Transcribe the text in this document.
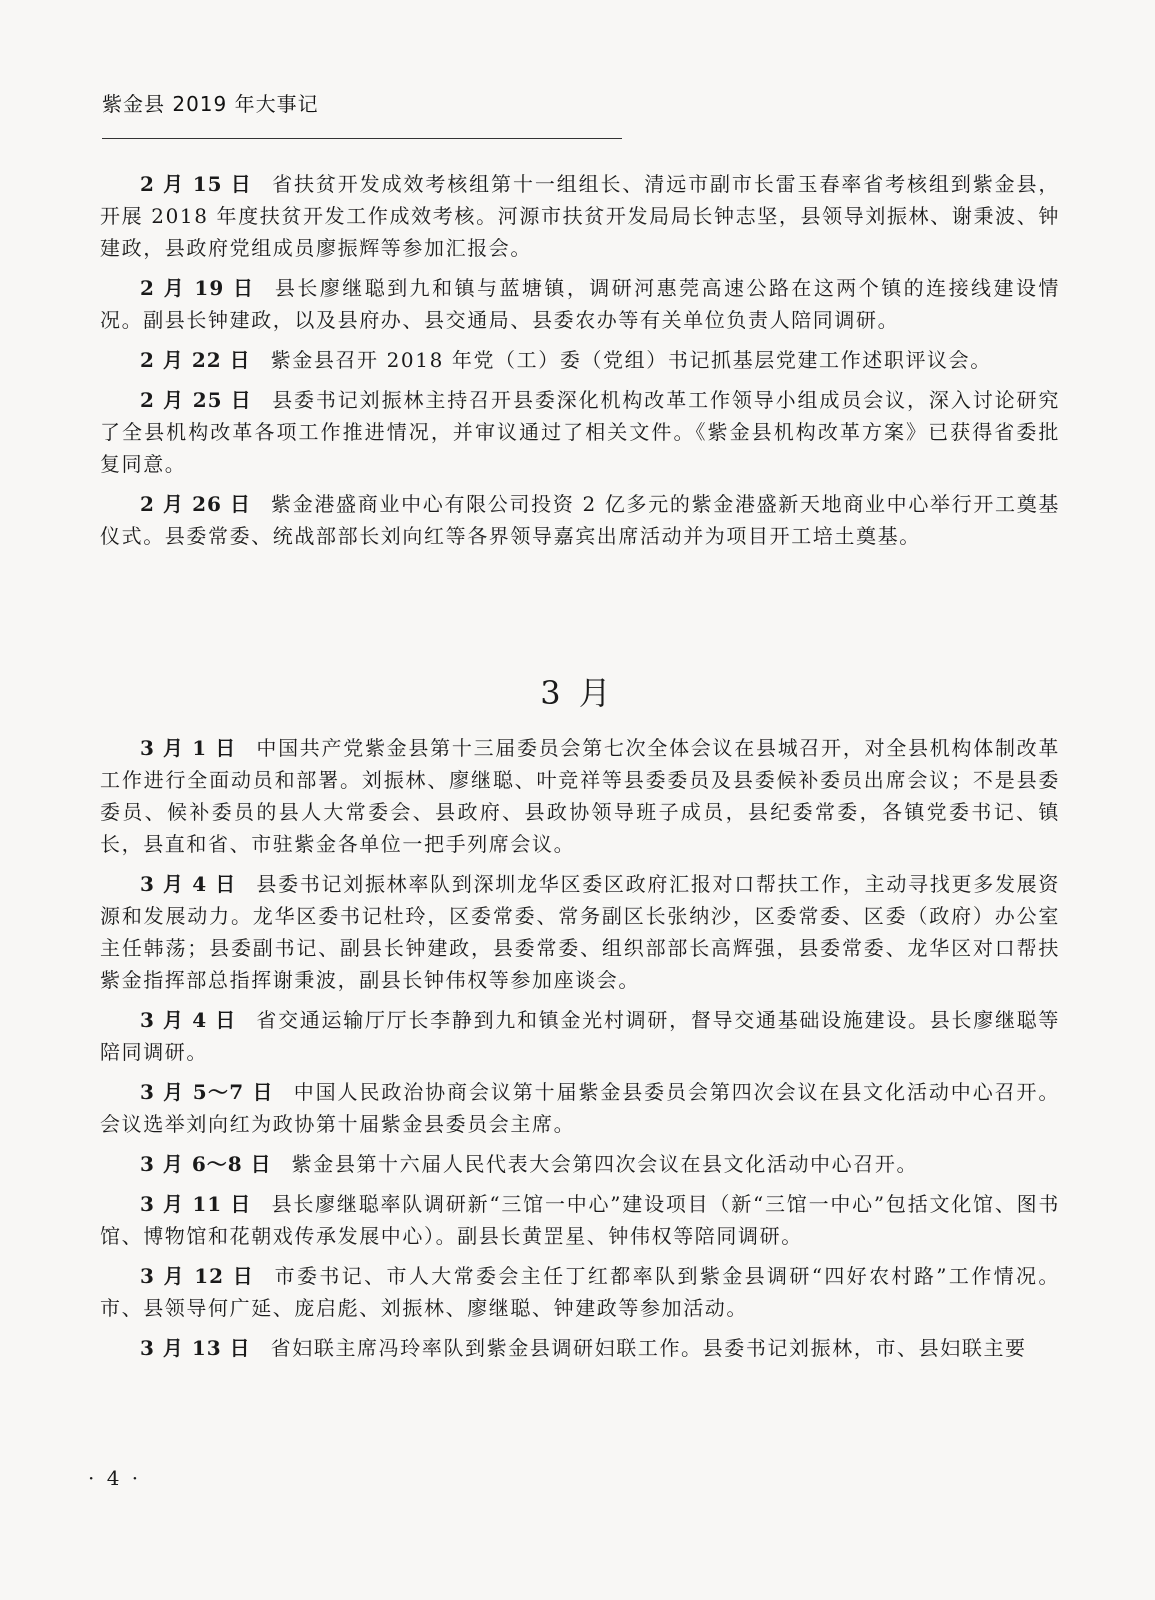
紫金县 2019 年大事记

2 月 15 日 省扶贫开发成效考核组第十一组组长、清远市副市长雷玉春率省考核组到紫金县，开展 2018 年度扶贫开发工作成效考核。河源市扶贫开发局局长钟志坚，县领导刘振林、谢秉波、钟建政，县政府党组成员廖振辉等参加汇报会。

2 月 19 日 县长廖继聪到九和镇与蓝塘镇，调研河惠莞高速公路在这两个镇的连接线建设情况。副县长钟建政，以及县府办、县交通局、县委农办等有关单位负责人陪同调研。

2 月 22 日 紫金县召开 2018 年党（工）委（党组）书记抓基层党建工作述职评议会。

2 月 25 日 县委书记刘振林主持召开县委深化机构改革工作领导小组成员会议，深入讨论研究了全县机构改革各项工作推进情况，并审议通过了相关文件。《紫金县机构改革方案》已获得省委批复同意。

2 月 26 日 紫金港盛商业中心有限公司投资 2 亿多元的紫金港盛新天地商业中心举行开工奠基仪式。县委常委、统战部部长刘向红等各界领导嘉宾出席活动并为项目开工培土奠基。

3 月

3 月 1 日 中国共产党紫金县第十三届委员会第七次全体会议在县城召开，对全县机构体制改革工作进行全面动员和部署。刘振林、廖继聪、叶竞祥等县委委员及县委候补委员出席会议；不是县委委员、候补委员的县人大常委会、县政府、县政协领导班子成员，县纪委常委，各镇党委书记、镇长，县直和省、市驻紫金各单位一把手列席会议。

3 月 4 日 县委书记刘振林率队到深圳龙华区委区政府汇报对口帮扶工作，主动寻找更多发展资源和发展动力。龙华区委书记杜玲，区委常委、常务副区长张纳沙，区委常委、区委（政府）办公室主任韩荡；县委副书记、副县长钟建政，县委常委、组织部部长高辉强，县委常委、龙华区对口帮扶紫金指挥部总指挥谢秉波，副县长钟伟权等参加座谈会。

3 月 4 日 省交通运输厅厅长李静到九和镇金光村调研，督导交通基础设施建设。县长廖继聪等陪同调研。

3 月 5～7 日 中国人民政治协商会议第十届紫金县委员会第四次会议在县文化活动中心召开。会议选举刘向红为政协第十届紫金县委员会主席。

3 月 6～8 日 紫金县第十六届人民代表大会第四次会议在县文化活动中心召开。

3 月 11 日 县长廖继聪率队调研新“三馆一中心”建设项目（新“三馆一中心”包括文化馆、图书馆、博物馆和花朝戏传承发展中心）。副县长黄罡星、钟伟权等陪同调研。

3 月 12 日 市委书记、市人大常委会主任丁红都率队到紫金县调研“四好农村路”工作情况。市、县领导何广延、庞启彪、刘振林、廖继聪、钟建政等参加活动。

3 月 13 日 省妇联主席冯玲率队到紫金县调研妇联工作。县委书记刘振林，市、县妇联主要

· 4 ·
